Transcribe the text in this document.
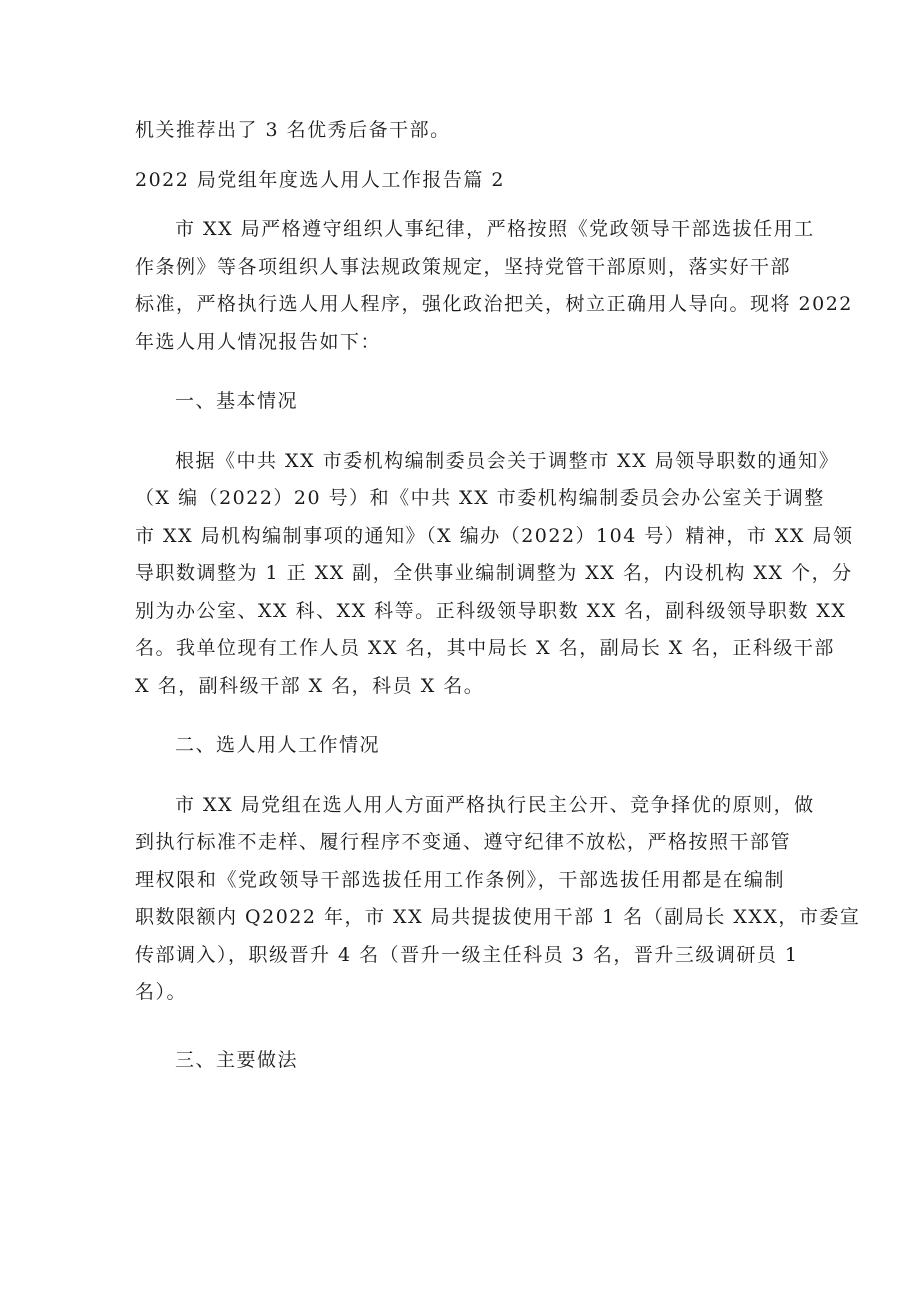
机关推荐出了 3 名优秀后备干部。
2022 局党组年度选人用人工作报告篇 2
市 XX 局严格遵守组织人事纪律，严格按照《党政领导干部选拔任用工
作条例》等各项组织人事法规政策规定，坚持党管干部原则，落实好干部
标准，严格执行选人用人程序，强化政治把关，树立正确用人导向。现将 2022
年选人用人情况报告如下：
一、基本情况
根据《中共 XX 市委机构编制委员会关于调整市 XX 局领导职数的通知》
（X 编（2022）20 号）和《中共 XX 市委机构编制委员会办公室关于调整
市 XX 局机构编制事项的通知》（X 编办（2022）104 号）精神，市 XX 局领
导职数调整为 1 正 XX 副，全供事业编制调整为 XX 名，内设机构 XX 个，分
别为办公室、XX 科、XX 科等。正科级领导职数 XX 名，副科级领导职数 XX
名。我单位现有工作人员 XX 名，其中局长 X 名，副局长 X 名，正科级干部
X 名，副科级干部 X 名，科员 X 名。
二、选人用人工作情况
市 XX 局党组在选人用人方面严格执行民主公开、竞争择优的原则，做
到执行标准不走样、履行程序不变通、遵守纪律不放松，严格按照干部管
理权限和《党政领导干部选拔任用工作条例》，干部选拔任用都是在编制
职数限额内 Q2022 年，市 XX 局共提拔使用干部 1 名（副局长 XXX，市委宣
传部调入），职级晋升 4 名（晋升一级主任科员 3 名，晋升三级调研员 1
名）。
三、主要做法
